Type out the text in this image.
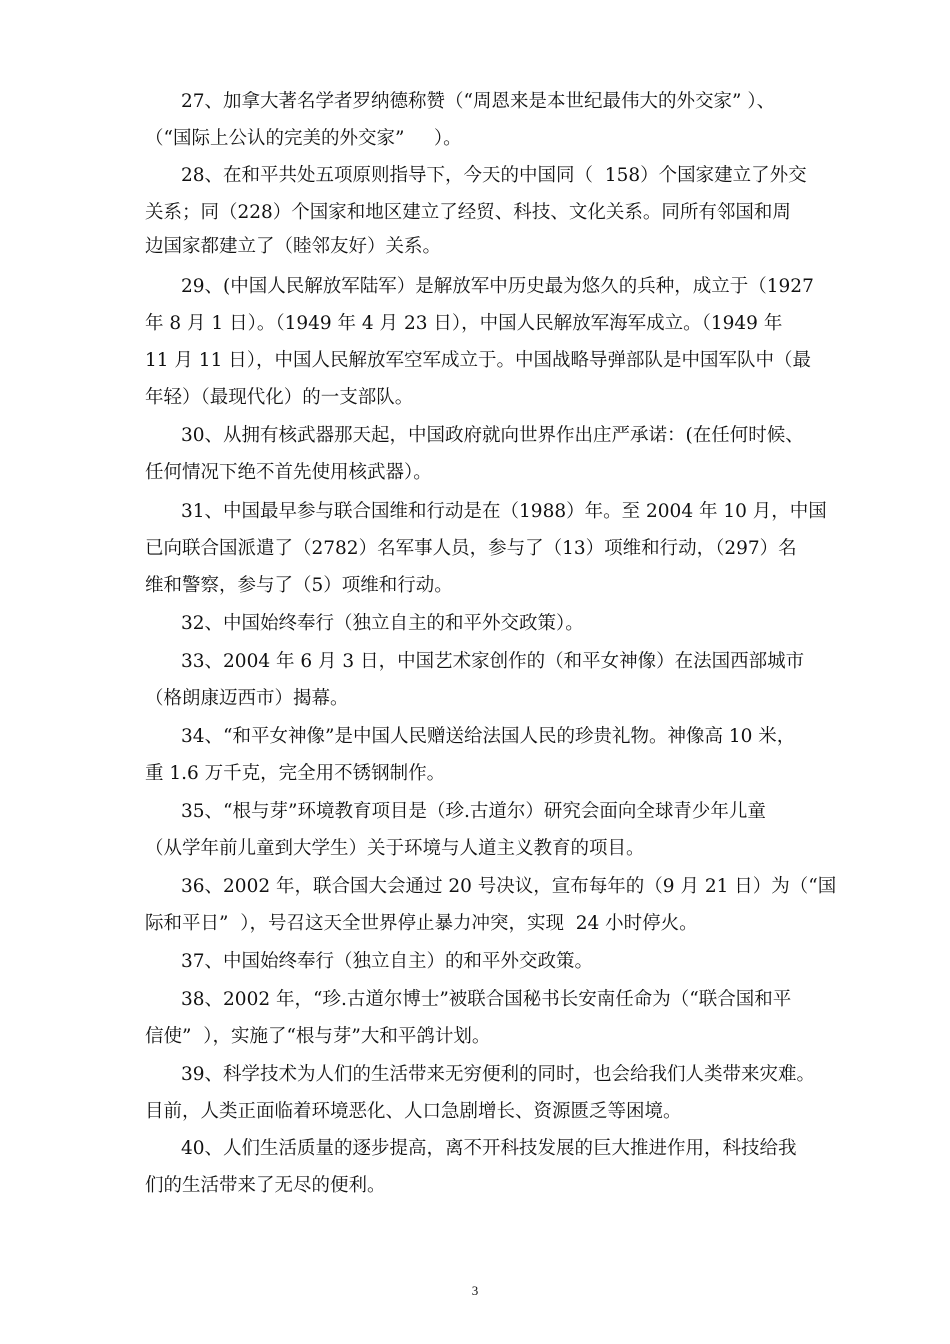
27、加拿大著名学者罗纳德称赞（“周恩来是本世纪最伟大的外交家” ）、
（“国际上公认的完美的外交家”     ）。
28、在和平共处五项原则指导下，今天的中国同（  158）个国家建立了外交
关系；同（228）个国家和地区建立了经贸、科技、文化关系。同所有邻国和周
边国家都建立了（睦邻友好）关系。
29、(中国人民解放军陆军）是解放军中历史最为悠久的兵种，成立于（1927
年 8 月 1 日）。（1949 年 4 月 23 日），中国人民解放军海军成立。（1949 年
11 月 11 日），中国人民解放军空军成立于。中国战略导弹部队是中国军队中（最
年轻）（最现代化）的一支部队。
30、从拥有核武器那天起，中国政府就向世界作出庄严承诺：(在任何时候、
任何情况下绝不首先使用核武器）。
31、中国最早参与联合国维和行动是在（1988）年。至 2004 年 10 月，中国
已向联合国派遣了（2782）名军事人员，参与了（13）项维和行动，（297）名
维和警察，参与了（5）项维和行动。
32、中国始终奉行（独立自主的和平外交政策）。
33、2004 年 6 月 3 日，中国艺术家创作的（和平女神像）在法国西部城市
（格朗康迈西市）揭幕。
34、“和平女神像”是中国人民赠送给法国人民的珍贵礼物。神像高 10 米，
重 1.6 万千克，完全用不锈钢制作。
35、“根与芽”环境教育项目是（珍.古道尔）研究会面向全球青少年儿童
（从学年前儿童到大学生）关于环境与人道主义教育的项目。
36、2002 年，联合国大会通过 20 号决议，宣布每年的（9 月 21 日）为（“国
际和平日”  ），号召这天全世界停止暴力冲突，实现  24 小时停火。
37、中国始终奉行（独立自主）的和平外交政策。
38、2002 年，“珍.古道尔博士”被联合国秘书长安南任命为（“联合国和平
信使”  ），实施了“根与芽”大和平鸽计划。
39、科学技术为人们的生活带来无穷便利的同时，也会给我们人类带来灾难。
目前，人类正面临着环境恶化、人口急剧增长、资源匮乏等困境。
40、人们生活质量的逐步提高，离不开科技发展的巨大推进作用，科技给我
们的生活带来了无尽的便利。
3
